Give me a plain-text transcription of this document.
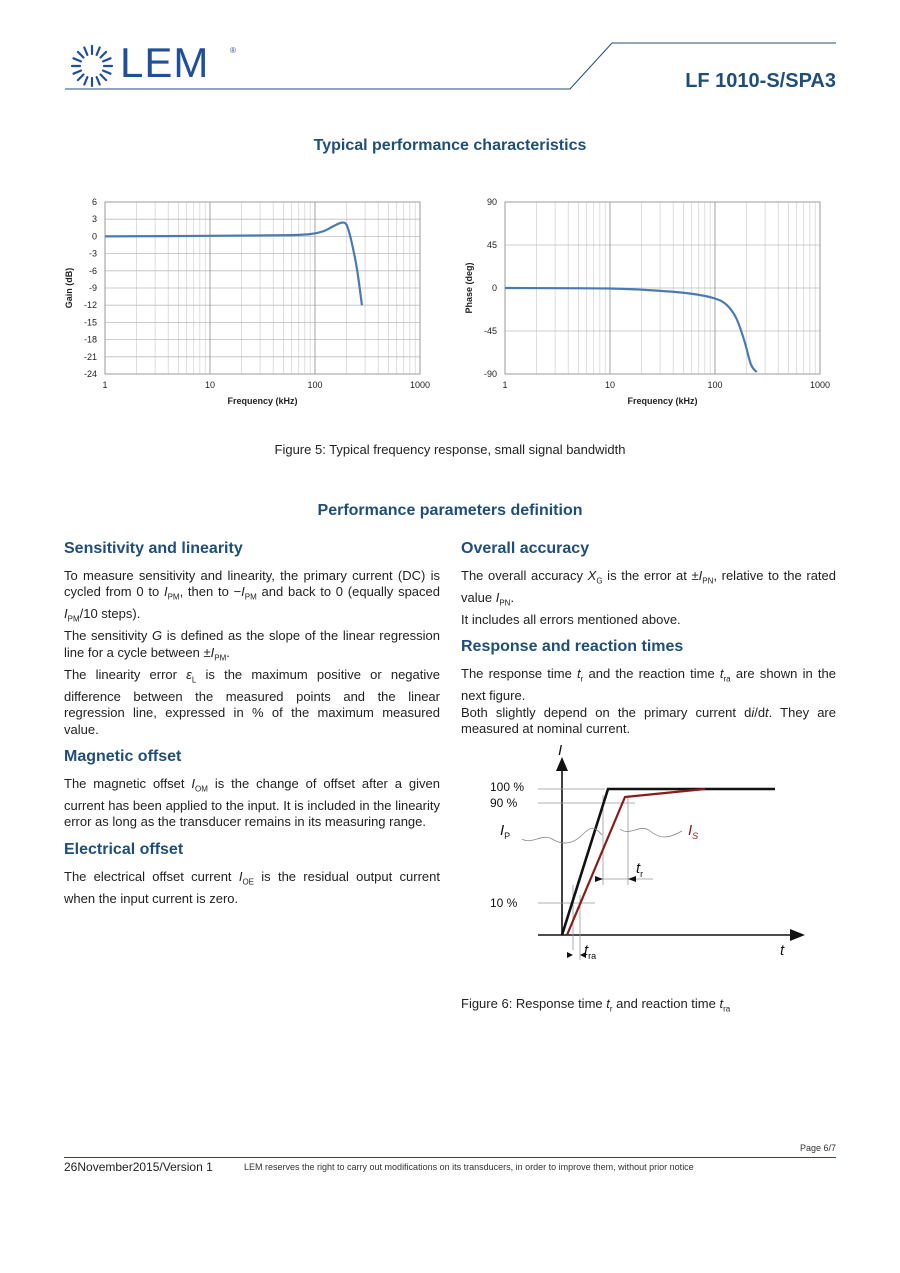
LEM	®
LF 1010-S/SPA3
Typical performance characteristics
6
3
0
-3
-6
-9
-12
-15
-18
-21
-24
1	10	100	1000
Frequency (kHz)
Gain (dB)
90
45
0
-45
-90
1	10	100	1000
Frequency (kHz)
Phase (deg)
Figure 5: Typical frequency response, small signal bandwidth
Performance parameters definition
Sensitivity and linearity

To measure sensitivity and linearity, the primary current (DC) is cycled from 0 to $I_{PM}$, then to $-I_{PM}$ and back to 0 (equally spaced $I_{PM}/10$ steps).
The sensitivity G is defined as the slope of the linear regression line for a cycle between $\pm I_{PM}$.
The linearity error $\varepsilon_L$ is the maximum positive or negative difference between the measured points and the linear regression line, expressed in % of the maximum measured value.

Magnetic offset

The magnetic offset $I_{OM}$ is the change of offset after a given current has been applied to the input. It is included in the linearity error as long as the transducer remains in its measuring range.

Electrical offset

The electrical offset current $I_{OE}$ is the residual output current when the input current is zero.

Overall accuracy

The overall accuracy $X_G$ is the error at $\pm I_{PN}$, relative to the rated value $I_{PN}$.
It includes all errors mentioned above.

Response and reaction times

The response time $t_r$ and the reaction time $t_{ra}$ are shown in the next figure.
Both slightly depend on the primary current di/dt. They are measured at nominal current.

I
100 %
90 %
10 %
$I_P$	$I_S$
$t_r$
$t_{ra}$	t
Figure 6: Response time $t_r$ and reaction time $t_{ra}$
Page 6/7
26November2015/Version 1	LEM reserves the right to carry out modifications on its transducers, in order to improve them, without prior notice
